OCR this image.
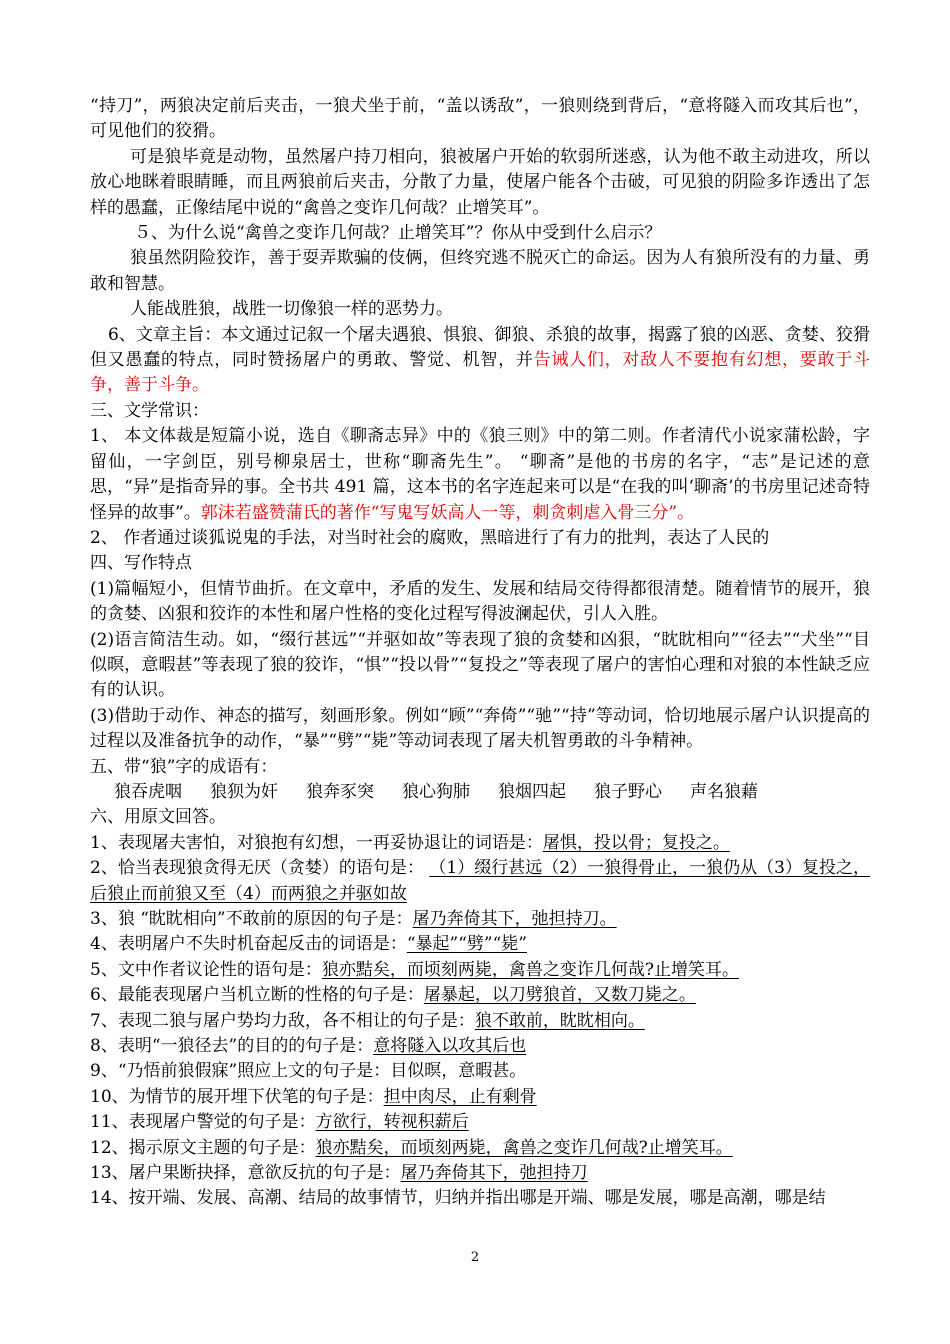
“持刀”，两狼决定前后夹击，一狼犬坐于前，“盖以诱敌”，一狼则绕到背后，“意将隧入而攻其后也”，可见他们的狡猾。

可是狼毕竟是动物，虽然屠户持刀相向，狼被屠户开始的软弱所迷惑，认为他不敢主动进攻，所以放心地眯着眼睛睡，而且两狼前后夹击，分散了力量，使屠户能各个击破，可见狼的阴险多诈透出了怎样的愚蠢，正像结尾中说的“禽兽之变诈几何哉？止增笑耳”。

５、为什么说“禽兽之变诈几何哉？止增笑耳”？你从中受到什么启示？

狼虽然阴险狡诈，善于耍弄欺骗的伎俩，但终究逃不脱灭亡的命运。因为人有狼所没有的力量、勇敢和智慧。

人能战胜狼，战胜一切像狼一样的恶势力。

6、文章主旨：本文通过记叙一个屠夫遇狼、惧狼、御狼、杀狼的故事，揭露了狼的凶恶、贪婪、狡猾但又愚蠢的特点，同时赞扬屠户的勇敢、警觉、机智，并告诫人们，对敌人不要抱有幻想，要敢于斗争，善于斗争。

三、文学常识：

1、 本文体裁是短篇小说，选自《聊斋志异》中的《狼三则》中的第二则。作者清代小说家蒲松龄，字留仙，一字剑臣，别号柳泉居士，世称“聊斋先生”。 “聊斋”是他的书房的名字，“志”是记述的意思，“异”是指奇异的事。全书共 491 篇，这本书的名字连起来可以是“在我的叫‘聊斋’的书房里记述奇特怪异的故事”。郭沫若盛赞蒲氏的著作“写鬼写妖高人一等，刺贪刺虐入骨三分”。

2、 作者通过谈狐说鬼的手法，对当时社会的腐败，黑暗进行了有力的批判，表达了人民的

四、写作特点

(1)篇幅短小，但情节曲折。在文章中，矛盾的发生、发展和结局交待得都很清楚。随着情节的展开，狼的贪婪、凶狠和狡诈的本性和屠户性格的变化过程写得波澜起伏，引人入胜。

(2)语言简洁生动。如，“缀行甚远”“并驱如故”等表现了狼的贪婪和凶狠，“眈眈相向”“径去”“犬坐”“目似暝，意暇甚”等表现了狼的狡诈，“惧”“投以骨”“复投之”等表现了屠户的害怕心理和对狼的本性缺乏应有的认识。

(3)借助于动作、神态的描写，刻画形象。例如“顾”“奔倚”“驰”“持”等动词，恰切地展示屠户认识提高的过程以及准备抗争的动作，“暴”“劈”“毙”等动词表现了屠夫机智勇敢的斗争精神。

五、带“狼”字的成语有：

狼吞虎咽 狼狈为奸 狼奔豕突 狼心狗肺 狼烟四起 狼子野心 声名狼藉

六、用原文回答。

1、表现屠夫害怕，对狼抱有幻想，一再妥协退让的词语是：屠惧，投以骨；复投之。

2、恰当表现狼贪得无厌（贪婪）的语句是： （1）缀行甚远（2）一狼得骨止，一狼仍从（3）复投之，后狼止而前狼又至（4）而两狼之并驱如故

3、狼 “眈眈相向”不敢前的原因的句子是：屠乃奔倚其下，弛担持刀。

4、表明屠户不失时机奋起反击的词语是：“暴起”“劈”“毙”

5、文中作者议论性的语句是：狼亦黠矣，而顷刻两毙，禽兽之变诈几何哉?止增笑耳。

6、最能表现屠户当机立断的性格的句子是：屠暴起，以刀劈狼首，又数刀毙之。

7、表现二狼与屠户势均力敌，各不相让的句子是：狼不敢前，眈眈相向。

8、表明“一狼径去”的目的的句子是：意将隧入以攻其后也

9、“乃悟前狼假寐”照应上文的句子是：目似暝，意暇甚。

10、为情节的展开埋下伏笔的句子是：担中肉尽，止有剩骨

11、表现屠户警觉的句子是：方欲行，转视积薪后

12、揭示原文主题的句子是：狼亦黠矣，而顷刻两毙，禽兽之变诈几何哉?止增笑耳。

13、屠户果断抉择，意欲反抗的句子是：屠乃奔倚其下，弛担持刀

14、按开端、发展、高潮、结局的故事情节，归纳并指出哪是开端、哪是发展，哪是高潮，哪是结

2
